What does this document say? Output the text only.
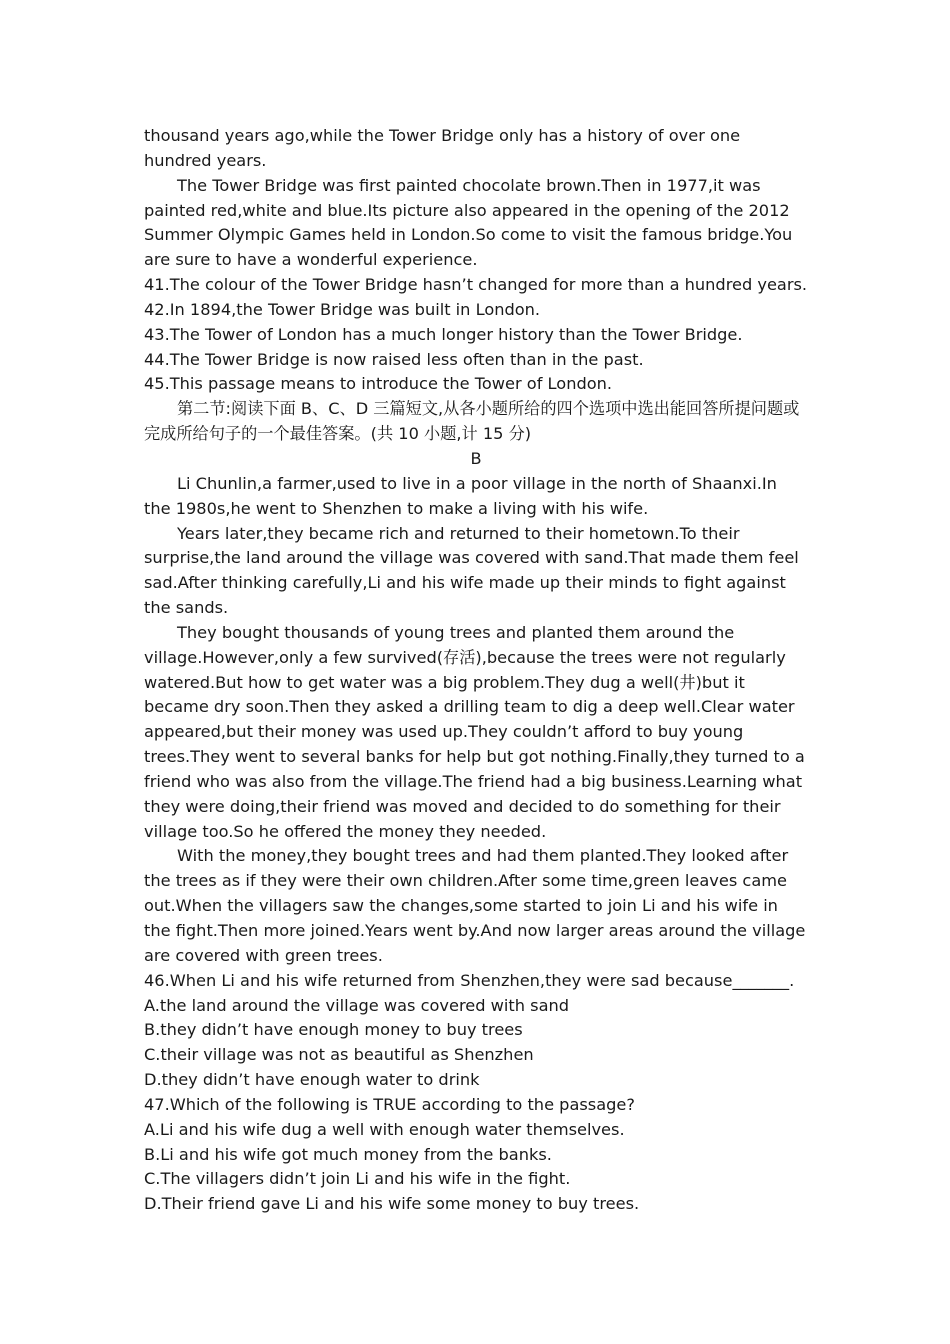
thousand years ago,while the Tower Bridge only has a history of over one hundred years.

The Tower Bridge was first painted chocolate brown.Then in 1977,it was painted red,white and blue.Its picture also appeared in the opening of the 2012 Summer Olympic Games held in London.So come to visit the famous bridge.You are sure to have a wonderful experience.

41.The colour of the Tower Bridge hasn’t changed for more than a hundred years.

42.In 1894,the Tower Bridge was built in London.

43.The Tower of London has a much longer history than the Tower Bridge.

44.The Tower Bridge is now raised less often than in the past.

45.This passage means to introduce the Tower of London.

第二节:阅读下面 B、C、D 三篇短文,从各小题所给的四个选项中选出能回答所提问题或完成所给句子的一个最佳答案。(共 10 小题,计 15 分)

B

Li Chunlin,a farmer,used to live in a poor village in the north of Shaanxi.In the 1980s,he went to Shenzhen to make a living with his wife.

Years later,they became rich and returned to their hometown.To their surprise,the land around the village was covered with sand.That made them feel sad.After thinking carefully,Li and his wife made up their minds to fight against the sands.

They bought thousands of young trees and planted them around the village.However,only a few survived(存活),because the trees were not regularly watered.But how to get water was a big problem.They dug a well(井)but it became dry soon.Then they asked a drilling team to dig a deep well.Clear water appeared,but their money was used up.They couldn’t afford to buy young trees.They went to several banks for help but got nothing.Finally,they turned to a friend who was also from the village.The friend had a big business.Learning what they were doing,their friend was moved and decided to do something for their village too.So he offered the money they needed.

With the money,they bought trees and had them planted.They looked after the trees as if they were their own children.After some time,green leaves came out.When the villagers saw the changes,some started to join Li and his wife in the fight.Then more joined.Years went by.And now larger areas around the village are covered with green trees.

46.When Li and his wife returned from Shenzhen,they were sad because_______.

A.the land around the village was covered with sand

B.they didn’t have enough money to buy trees

C.their village was not as beautiful as Shenzhen

D.they didn’t have enough water to drink

47.Which of the following is TRUE according to the passage?

A.Li and his wife dug a well with enough water themselves.

B.Li and his wife got much money from the banks.

C.The villagers didn’t join Li and his wife in the fight.

D.Their friend gave Li and his wife some money to buy trees.
